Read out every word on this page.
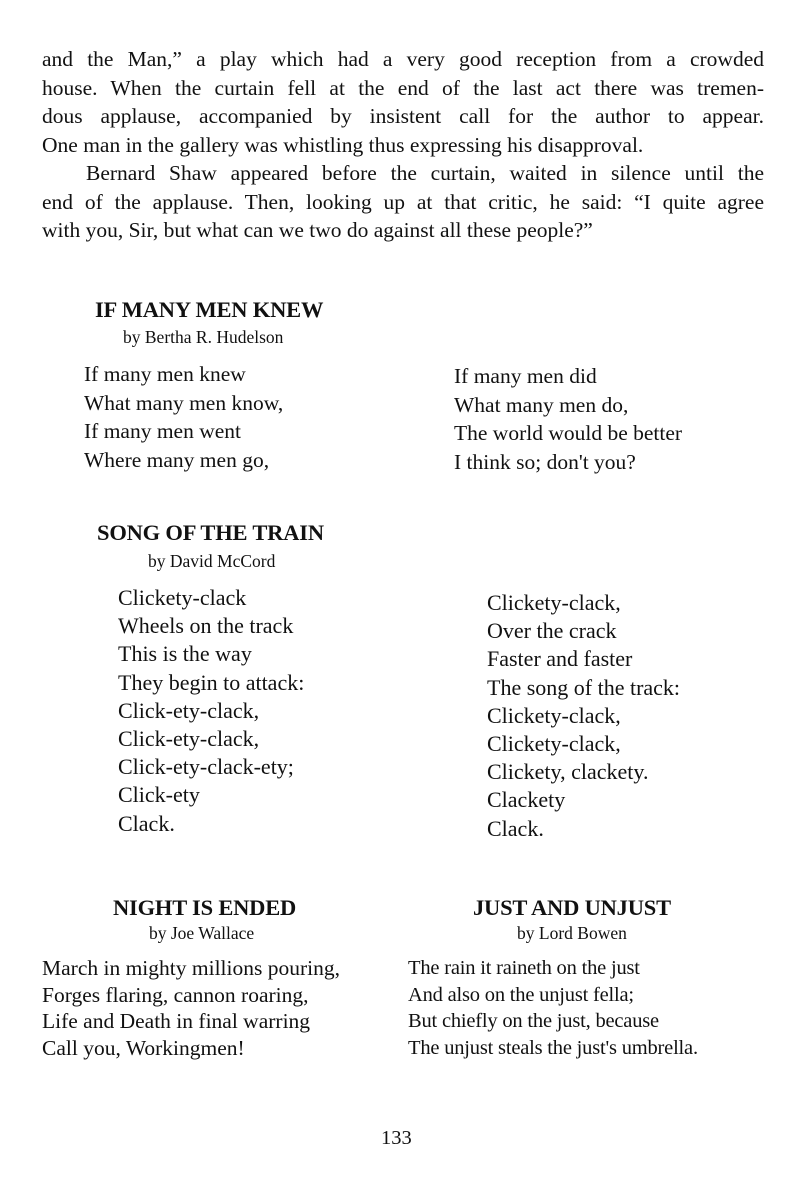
and the Man,” a play which had a very good reception from a crowded
house. When the curtain fell at the end of the last act there was tremen-
dous applause, accompanied by insistent call for the author to appear.
One man in the gallery was whistling thus expressing his disapproval.
Bernard Shaw appeared before the curtain, waited in silence until the
end of the applause. Then, looking up at that critic, he said: “I quite agree
with you, Sir, but what can we two do against all these people?”
IF MANY MEN KNEW
by Bertha R. Hudelson
If many men knew
What many men know,
If many men went
Where many men go,
If many men did
What many men do,
The world would be better
I think so; don't you?
SONG OF THE TRAIN
by David McCord
Clickety-clack
Wheels on the track
This is the way
They begin to attack:
Click-ety-clack,
Click-ety-clack,
Click-ety-clack-ety;
Click-ety
Clack.
Clickety-clack,
Over the crack
Faster and faster
The song of the track:
Clickety-clack,
Clickety-clack,
Clickety, clackety.
Clackety
Clack.
NIGHT IS ENDED
by Joe Wallace
March in mighty millions pouring,
Forges flaring, cannon roaring,
Life and Death in final warring
Call you, Workingmen!
JUST AND UNJUST
by Lord Bowen
The rain it raineth on the just
And also on the unjust fella;
But chiefly on the just, because
The unjust steals the just's umbrella.
133
